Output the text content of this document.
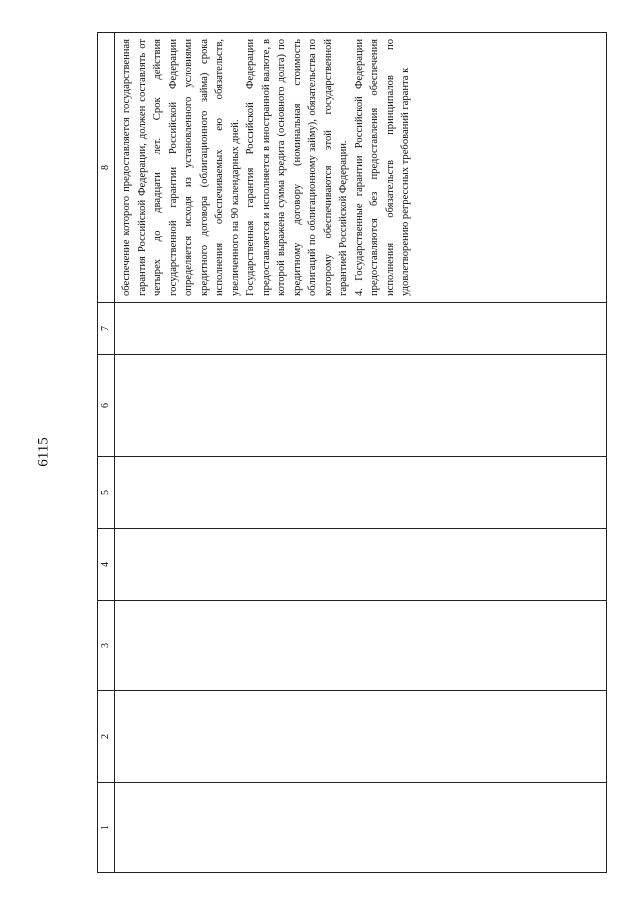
6115
1	2	3	4	5	6	7	8

							обеспечение которого предоставляется государственная гарантия Российской Федерации, должен составлять от четырех до двадцати лет. Срок действия государственной гарантии Российской Федерации определяется исходя из установленного условиями кредитного договора (облигационного займа) срока исполнения обеспечиваемых ею обязательств, увеличенного на 90 календарных дней. Государственная гарантия Российской Федерации предоставляется и исполняется в иностранной валюте, в которой выражена сумма кредита (основного долга) по кредитному договору (номинальная стоимость облигаций по облигационному займу), обязательства по которому обеспечиваются этой государственной гарантией Российской Федерации. 4. Государственные гарантии Российской Федерации предоставляются без предоставления обеспечения исполнения обязательств принципалов по удовлетворению регрессных требований гаранта к
